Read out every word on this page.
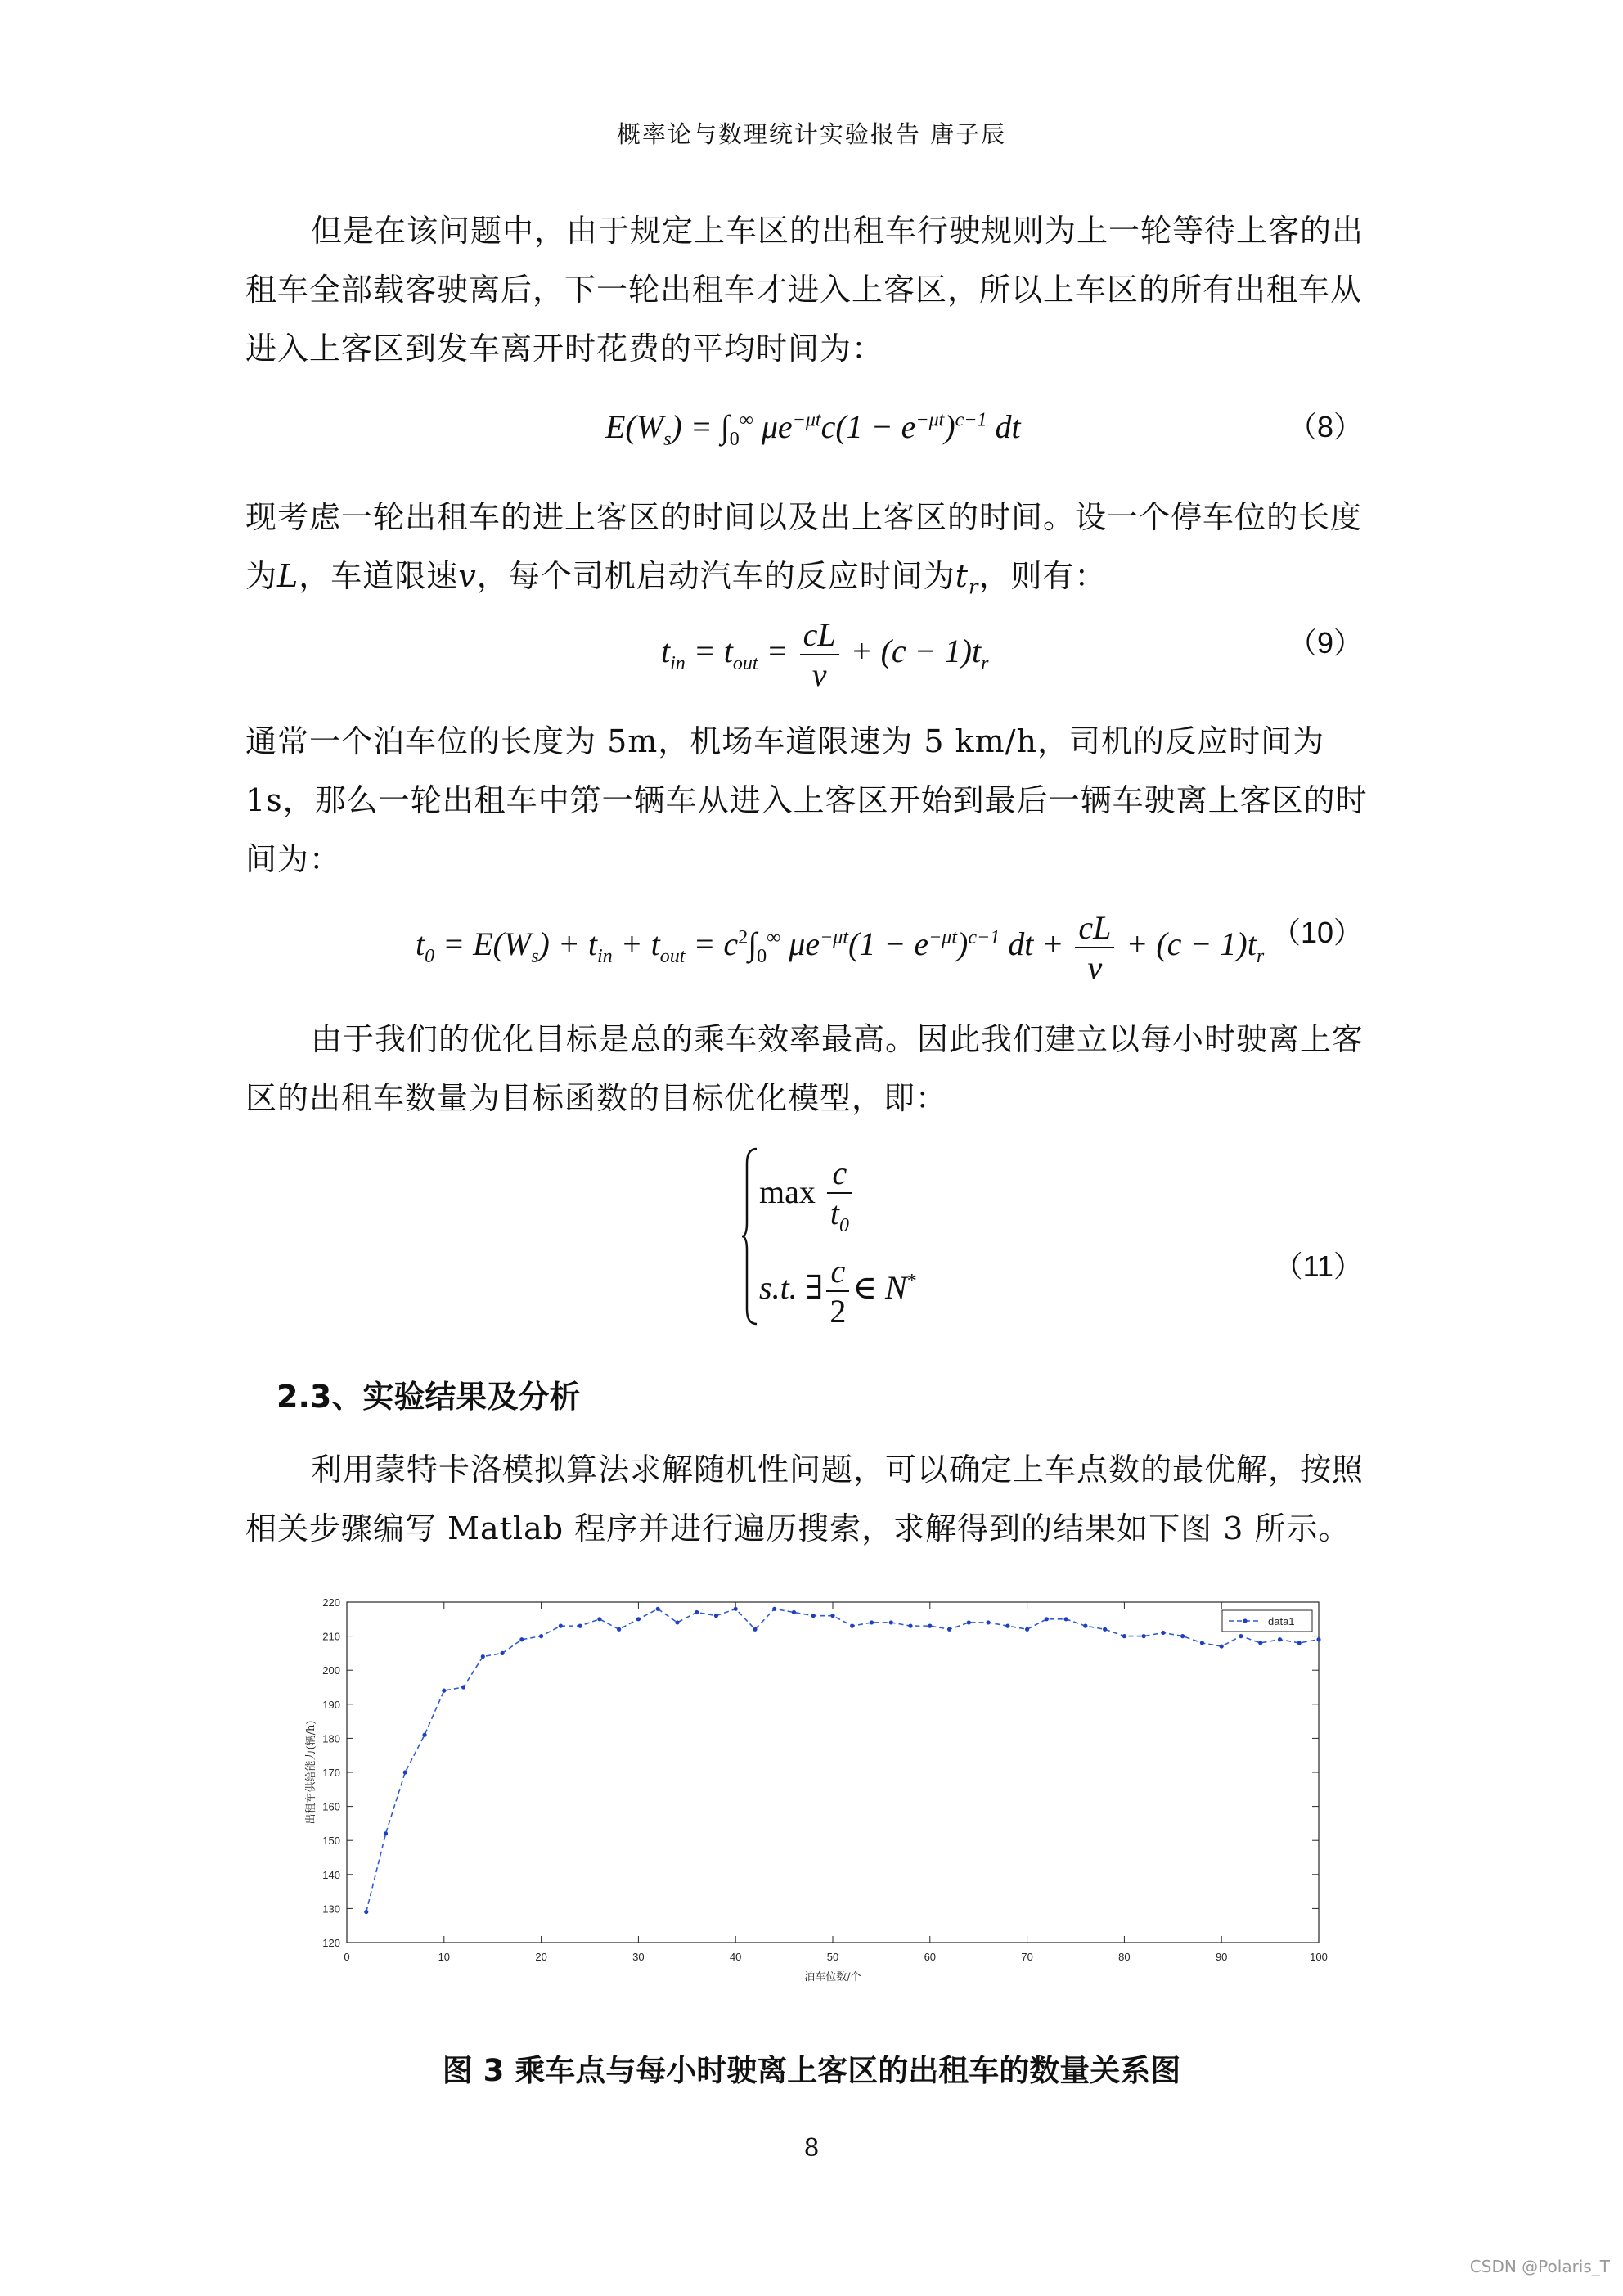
概率论与数理统计实验报告 唐子辰
但是在该问题中，由于规定上车区的出租车行驶规则为上一轮等待上客的出租车全部载客驶离后，下一轮出租车才进入上客区，所以上车区的所有出租车从进入上客区到发车离开时花费的平均时间为：
$E(W_s) = \int_0^\infty$ $\mu e^{-\mu t}c(1 - e^{-\mu t})^{c-1}$ dt	（8）
现考虑一轮出租车的进上客区的时间以及出上客区的时间。设一个停车位的长度为L，车道限速v，每个司机启动汽车的反应时间为$t_r$，则有：
$t_{in} = t_{out} = \frac{cL}{v} + (c - 1)t_r$
（9）
通常一个泊车位的长度为 5m，机场车道限速为 5 km/h，司机的反应时间为 1s，那么一轮出租车中第一辆车从进入上客区开始到最后一辆车驶离上客区的时间为：
$t_0 = E(W_s) + t_{in} + t_{out} = c^2\int_0^\infty$ $\mu e^{-\mu t}(1 - e^{-\mu t})^{c-1}$ dt + $\frac{cL}{v} + (c - 1)t_r$
（10）
由于我们的优化目标是总的乘车效率最高。因此我们建立以每小时驶离上客区的出租车数量为目标函数的目标优化模型，即：
$\max \frac{c}{t_0}$
s.t. ∃ $\frac{c}{2}$ ∈ N*	（11）
2.3、实验结果及分析
利用蒙特卡洛模拟算法求解随机性问题，可以确定上车点数的最优解，按照相关步骤编写 Matlab 程序并进行遍历搜索，求解得到的结果如下图 3 所示。
0	10	20	30	40	50	60	70	80	90	100
120
130
140
150
160
170
180
190
200
210
220
泊车位数/个
出租车供给能力(辆/h)
data1
图 3 乘车点与每小时驶离上客区的出租车的数量关系图
8
CSDN @Polaris_T
